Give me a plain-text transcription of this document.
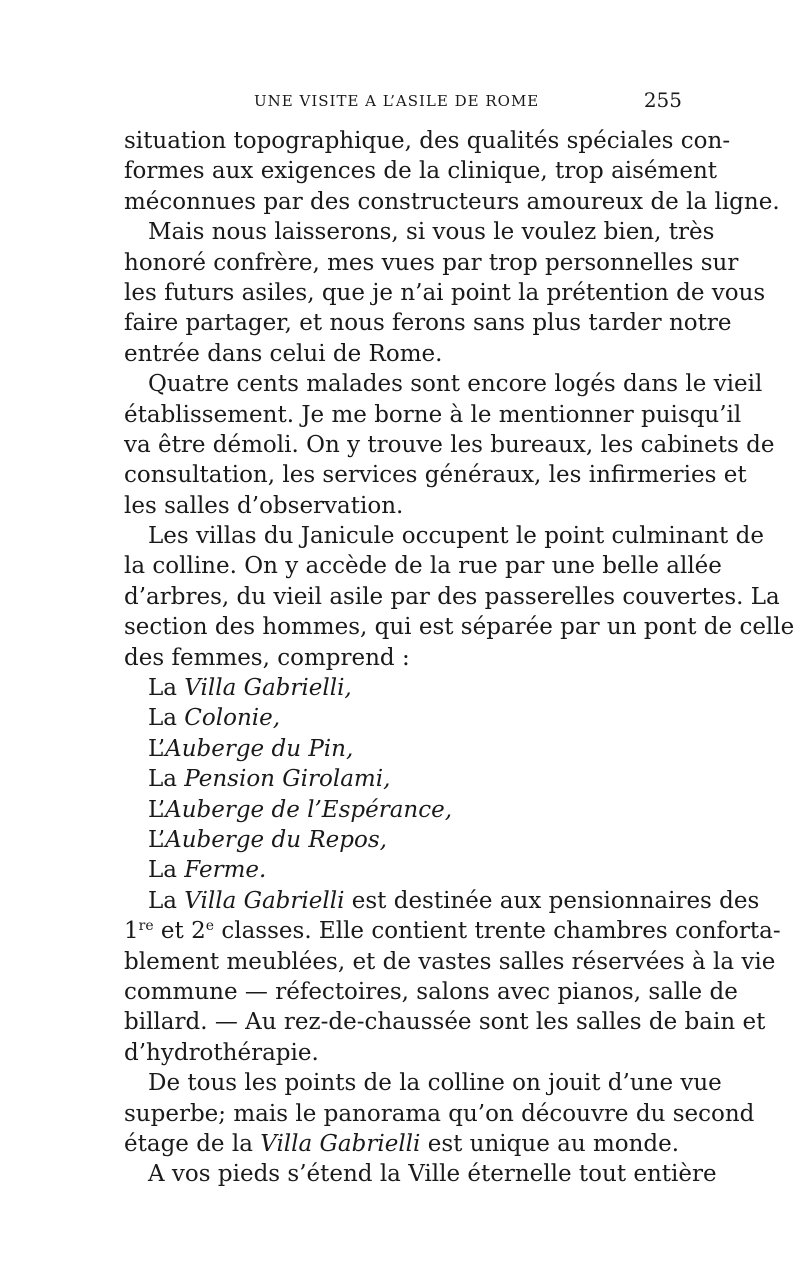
UNE VISITE A L’ASILE DE ROME	255
situation topographique, des qualités spéciales con-
formes aux exigences de la clinique, trop aisément
méconnues par des constructeurs amoureux de la ligne.
Mais nous laisserons, si vous le voulez bien, très
honoré confrère, mes vues par trop personnelles sur
les futurs asiles, que je n’ai point la prétention de vous
faire partager, et nous ferons sans plus tarder notre
entrée dans celui de Rome.
Quatre cents malades sont encore logés dans le vieil
établissement. Je me borne à le mentionner puisqu’il
va être démoli. On y trouve les bureaux, les cabinets de
consultation, les services généraux, les infirmeries et
les salles d’observation.
Les villas du Janicule occupent le point culminant de
la colline. On y accède de la rue par une belle allée
d’arbres, du vieil asile par des passerelles couvertes. La
section des hommes, qui est séparée par un pont de celle
des femmes, comprend :
La Villa Gabrielli,
La Colonie,
L’Auberge du Pin,
La Pension Girolami,
L’Auberge de l’Espérance,
L’Auberge du Repos,
La Ferme.
La Villa Gabrielli est destinée aux pensionnaires des
1re et 2e classes. Elle contient trente chambres conforta-
blement meublées, et de vastes salles réservées à la vie
commune — réfectoires, salons avec pianos, salle de
billard. — Au rez-de-chaussée sont les salles de bain et
d’hydrothérapie.
De tous les points de la colline on jouit d’une vue
superbe; mais le panorama qu’on découvre du second
étage de la Villa Gabrielli est unique au monde.
A vos pieds s’étend la Ville éternelle tout entière
